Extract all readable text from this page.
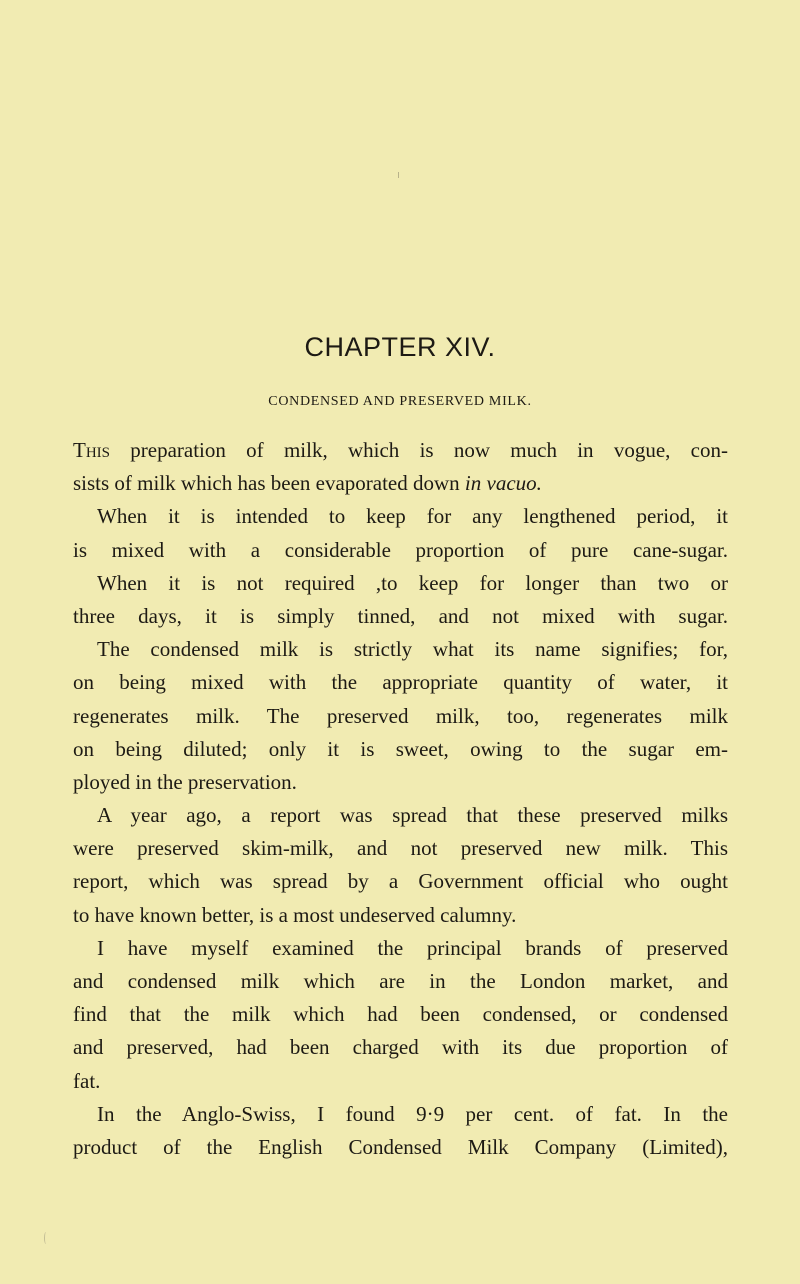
CHAPTER XIV.
CONDENSED AND PRESERVED MILK.
This preparation of milk, which is now much in vogue, con-
sists of milk which has been evaporated down in vacuo.
When it is intended to keep for any lengthened period, it
is mixed with a considerable proportion of pure cane-sugar.
When it is not required ,to keep for longer than two or
three days, it is simply tinned, and not mixed with sugar.
The condensed milk is strictly what its name signifies; for,
on being mixed with the appropriate quantity of water, it
regenerates milk. The preserved milk, too, regenerates milk
on being diluted; only it is sweet, owing to the sugar em-
ployed in the preservation.
A year ago, a report was spread that these preserved milks
were preserved skim-milk, and not preserved new milk. This
report, which was spread by a Government official who ought
to have known better, is a most undeserved calumny.
I have myself examined the principal brands of preserved
and condensed milk which are in the London market, and
find that the milk which had been condensed, or condensed
and preserved, had been charged with its due proportion of
fat.
In the Anglo-Swiss, I found 9·9 per cent. of fat. In the
product of the English Condensed Milk Company (Limited),
